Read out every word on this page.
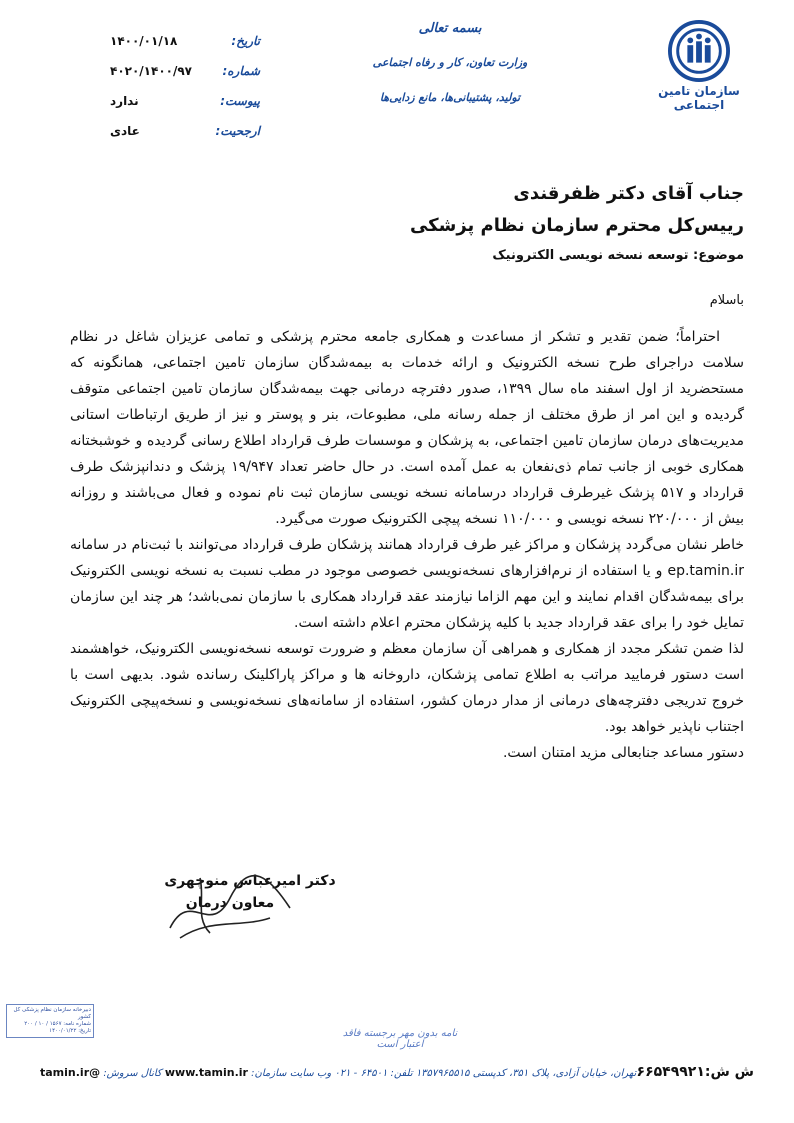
سازمان تامین اجتماعی
بسمه تعالی
وزارت تعاون، کار و رفاه اجتماعی
تولید، پشتیبانی‌ها، مانع زدایی‌ها
تاریخ:
۱۴۰۰/۰۱/۱۸
شماره:
۴۰۲۰/۱۴۰۰/۹۷
پیوست:
ندارد
ارجحیت:
عادی
جناب آقای دکتر ظفرقندی
رییس‌کل محترم سازمان نظام پزشکی
موضوع: توسعه نسخه نویسی الکترونیک

باسلام

احتراماً؛ ضمن تقدیر و تشکر از مساعدت و همکاری جامعه محترم پزشکی و تمامی عزیزان شاغل در نظام سلامت دراجرای طرح نسخه الکترونیک و ارائه خدمات به بیمه‌شدگان سازمان تامین اجتماعی، همانگونه که مستحضرید از اول اسفند ماه سال ۱۳۹۹، صدور دفترچه درمانی جهت بیمه‌شدگان سازمان تامین اجتماعی متوقف گردیده و این امر از طرق مختلف از جمله رسانه ملی، مطبوعات، بنر و پوستر و نیز از طریق ارتباطات استانی مدیریت‌های درمان سازمان تامین اجتماعی، به پزشکان و موسسات طرف قرارداد اطلاع رسانی گردیده و خوشبختانه همکاری خوبی از جانب تمام ذی‌نفعان به عمل آمده است. در حال حاضر تعداد ۱۹/۹۴۷ پزشک و دندانپزشک طرف قرارداد و ۵۱۷ پزشک غیرطرف قرارداد درسامانه نسخه نویسی سازمان ثبت نام نموده و فعال می‌باشند و روزانه بیش از ۲۲۰/۰۰۰ نسخه نویسی و ۱۱۰/۰۰۰ نسخه پیچی الکترونیک صورت می‌گیرد.

خاطر نشان می‌گردد پزشکان و مراکز غیر طرف قرارداد همانند پزشکان طرف قرارداد می‌توانند با ثبت‌نام در سامانه ep.tamin.ir و یا استفاده از نرم‌افزارهای نسخه‌نویسی خصوصی موجود در مطب نسبت به نسخه نویسی الکترونیک برای بیمه‌شدگان اقدام نمایند و این مهم الزاما نیازمند عقد قرارداد همکاری با سازمان نمی‌باشد؛ هر چند این سازمان تمایل خود را برای عقد قرارداد جدید با کلیه پزشکان محترم اعلام داشته است.

لذا ضمن تشکر مجدد از همکاری و همراهی آن سازمان معظم و ضرورت توسعه نسخه‌نویسی الکترونیک، خواهشمند است دستور فرمایید مراتب به اطلاع تمامی پزشکان، داروخانه ها و مراکز پاراکلینک رسانده شود. بدیهی است با خروج تدریجی دفترچه‌های درمانی از مدار درمان کشور، استفاده از سامانه‌های نسخه‌نویسی و نسخه‌پیچی الکترونیک اجتناب ناپذیر خواهد بود.

دستور مساعد جنابعالی مزید امتنان است.

دکتر امیرعباس منوچهری
معاون درمان
دبیرخانه سازمان نظام پزشکی کل کشور
شماره نامه: ۱۵۶۷ / ۱۰ / ۲۰۰
تاریخ: ۱۴۰۰/۰۱/۲۲	نامه بدون مهر برجسته فاقد اعتبار است
ش ش:۶۶۵۴۹۹۲۱
تهران، خیابان آزادی، پلاک ۳۵۱، کدپستی ۱۳۵۷۹۶۵۵۱۵ تلفن: ۶۴۵۰۱ - ۰۲۱ وب سایت سازمان: www.tamin.ir کانال سروش: @tamin.ir
